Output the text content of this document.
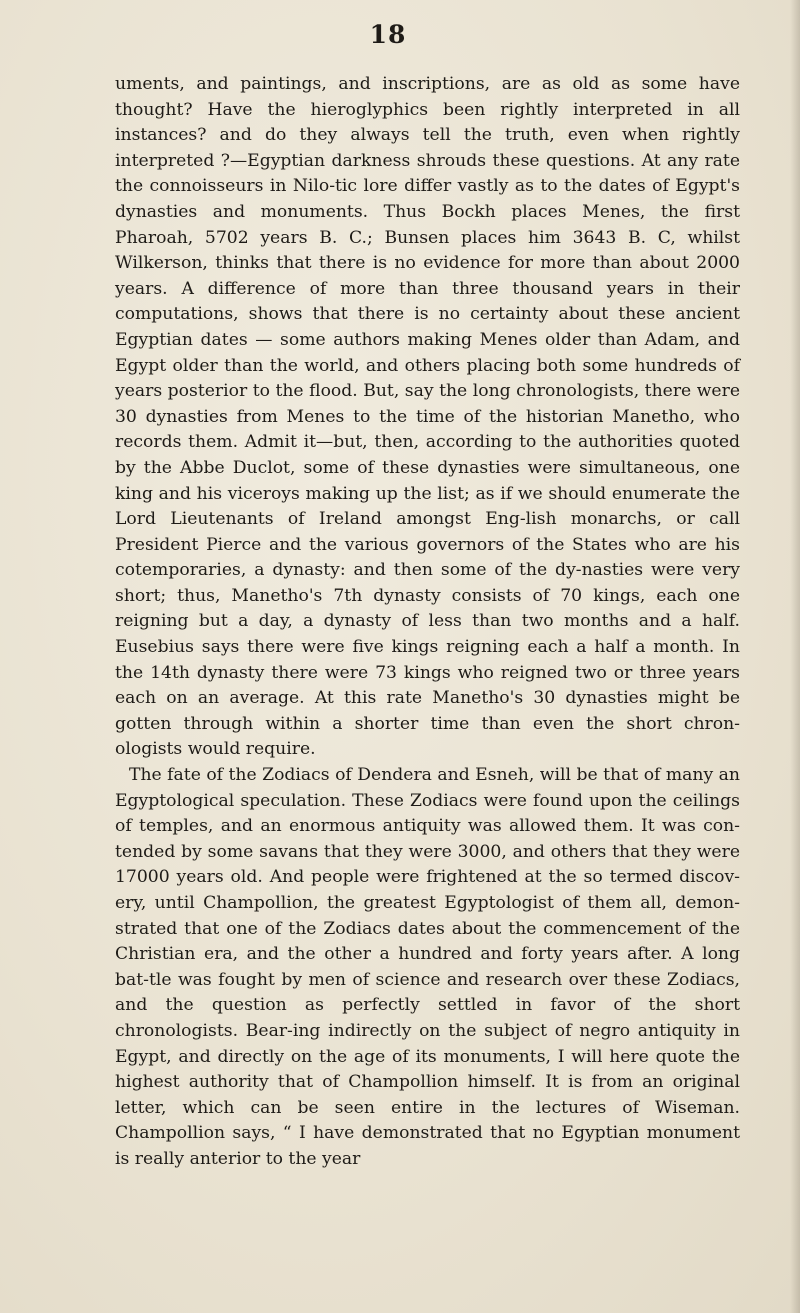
18

uments, and paintings, and inscriptions, are as old as some have thought? Have the hieroglyphics been rightly interpreted in all instances? and do they always tell the truth, even when rightly interpreted ?—Egyptian darkness shrouds these questions. At any rate the connoisseurs in Nilo-tic lore differ vastly as to the dates of Egypt's dynasties and monuments. Thus Bockh places Menes, the first Pharoah, 5702 years B. C.; Bunsen places him 3643 B. C, whilst Wilkerson, thinks that there is no evidence for more than about 2000 years. A difference of more than three thousand years in their computations, shows that there is no certainty about these ancient Egyptian dates — some authors making Menes older than Adam, and Egypt older than the world, and others placing both some hundreds of years posterior to the flood. But, say the long chronologists, there were 30 dynasties from Menes to the time of the historian Manetho, who records them. Admit it—but, then, according to the authorities quoted by the Abbe Duclot, some of these dynasties were simultaneous, one king and his viceroys making up the list; as if we should enumerate the Lord Lieutenants of Ireland amongst Eng-lish monarchs, or call President Pierce and the various governors of the States who are his cotemporaries, a dynasty: and then some of the dy-nasties were very short; thus, Manetho's 7th dynasty consists of 70 kings, each one reigning but a day, a dynasty of less than two months and a half. Eusebius says there were five kings reigning each a half a month. In the 14th dynasty there were 73 kings who reigned two or three years each on an average. At this rate Manetho's 30 dynasties might be gotten through within a shorter time than even the short chron-ologists would require.

The fate of the Zodiacs of Dendera and Esneh, will be that of many an Egyptological speculation. These Zodiacs were found upon the ceilings of temples, and an enormous antiquity was allowed them. It was con-tended by some savans that they were 3000, and others that they were 17000 years old. And people were frightened at the so termed discov-ery, until Champollion, the greatest Egyptologist of them all, demon-strated that one of the Zodiacs dates about the commencement of the Christian era, and the other a hundred and forty years after. A long bat-tle was fought by men of science and research over these Zodiacs, and the question as perfectly settled in favor of the short chronologists. Bear-ing indirectly on the subject of negro antiquity in Egypt, and directly on the age of its monuments, I will here quote the highest authority that of Champollion himself. It is from an original letter, which can be seen entire in the lectures of Wiseman. Champollion says, “ I have demonstrated that no Egyptian monument is really anterior to the year
